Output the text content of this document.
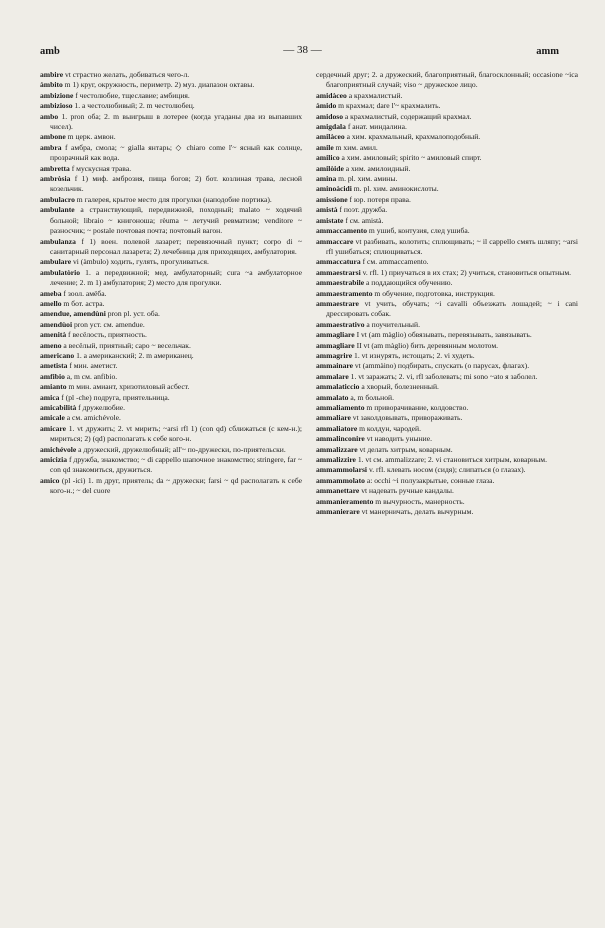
amb	— 38 —	amm

ambire vt страстно желать, добиваться чего-л.

àmbito m 1) круг, окружность, периметр. 2) муз. диапазон октавы.

ambizione f честолюбие, тщеславие; амбиция.

ambizioso 1. a честолюбивый; 2. m честолюбец.

ambo 1. pron оба; 2. m выигрыш в лотерее (когда угаданы два из выпавших чисел).

ambone m церк. амвон.

ambra f амбра, смола; ~ gialla янтарь; ◇ chiaro come l'~ ясный как солнце, прозрачный как вода.

ambretta f мускусная травa.

ambròsia f 1) миф. амброзия, пища богов; 2) бот. козлиная трава, лесной козельчик.

ambulacro m галерея, крытое место для прогулки (наподобие портика).

ambulante a странствующий, передвижной, походный; malato ~ ходячий больной; libraio ~ книгоноша; rèuma ~ летучий ревматизм; venditore ~ разносчик; ~ postale почтовая почта; почтовый вагон.

ambulanza f 1) воен. полевой лазарет; перевязочный пункт; corpo di ~ санитарный персонал лазарета; 2) лечебница для приходящих, амбулатория.

ambulare vi (àmbulo) ходить, гулять, прогуливаться.

ambulatòrio 1. a передвижной; мед. амбулаторный; cura ~a амбулаторное лечение; 2. m 1) амбулатория; 2) место для прогулки.

ameba f зоол. амёба.

amello m бот. астра.

amendue, amendùni pron pl. уст. оба.

amendùoi pron уст. см. amendue.

amenità f весёлость, приятность.

ameno a весёлый, приятный; capo ~ весельчак.

americano 1. a американский; 2. m американец.

ametista f мин. аметист.

amfibio a, m см. anfibio.

amianto m мин. амиант, хризотиловый асбест.

amica f (pl -che) подруга, приятельница.

amicabilità f дружелюбие.

amicale a см. amichévole.

amicare 1. vt дружить; 2. vt мирить; ~arsi rfl 1) (con qd) сближаться (с кем-н.); мириться; 2) (qd) располагать к себе кого-н.

amichévole a дружеский, дружелюбный; all'~ по-дружески, по-приятельски.

amicizia f дружба, знакомство; ~ di cappello шапочное знакомство; stringere, far ~ con qd знакомиться, дружиться.

amico (pl -ici) 1. m друг, приятель; da ~ дружески; farsi ~ qd располагать к себе кого-н.; ~ del cuore

сердечный друг; 2. a дружеский, благоприятный, благосклонный; occasione ~ica благоприятный случай; viso ~ дружеское лицо.

amidàceo a крахмалистый.

àmido m крахмал; dare l'~ крахмалить.

amidoso a крахмалистый, содержащий крахмал.

amigdala f анат. миндалина.

amilàceo a хим. крахмальный, крахмалоподобный.

amile m хим. амил.

amilico a хим. амиловый; spirito ~ амиловый спирт.

amilòide a хим. амилоидный.

amina m. pl. хим. амины.

aminoàcidi m. pl. хим. аминокислоты.

amissione f юр. потеря права.

amistà f поэт. дружба.

amistate f см. amistà.

ammaccamento m ушиб, контузия, след ушиба.

ammaccare vt разбивать, колотить; сплющивать; ~ il cappello смять шляпу; ~arsi rfl ушибаться; сплющиваться.

ammaccatura f см. ammaccamento.

ammaestrarsi v. rfl. 1) приучаться в их стах; 2) учиться, становиться опытным.

ammaestrabile a поддающийся обучению.

ammaestramento m обучение, подготовка, инструкция.

ammaestrare vt учить, обучать; ~i cavalli объезжать лошадей; ~ i cani дрессировать собак.

ammaestrativo a поучительный.

ammagliare I vt (am màglio) обвязывать, перевязывать, завязывать.

ammagliare II vt (am màglio) бить деревянным молотом.

ammagrire 1. vt изнурять, истощать; 2. vi худеть.

ammainare vt (ammàino) подбирать, спускать (о парусах, флагах).

ammalare 1. vt заражать; 2. vi, rfl заболевать; mi sono ~ato я заболел.

ammalaticcio a хворый, болезненный.

ammalato a, m больной.

ammaliamento m приворачивание, колдовство.

ammaliare vt заколдовывать, привораживать.

ammaliatore m колдун, чародей.

ammalinconire vt наводить уныние.

ammalizzare vt делать хитрым, коварным.

ammalizzire 1. vt см. ammalizzare; 2. vi становиться хитрым, коварным.

ammammolarsi v. rfl. клевать носом (сидя); слипаться (о глазах).

ammammolato a: occhi ~i полузакрытые, сонные глаза.

ammanettare vt надевать ручные кандалы.

ammanieramento m вычурность, манерность.

ammanierare vt манерничать, делать вычурным.
